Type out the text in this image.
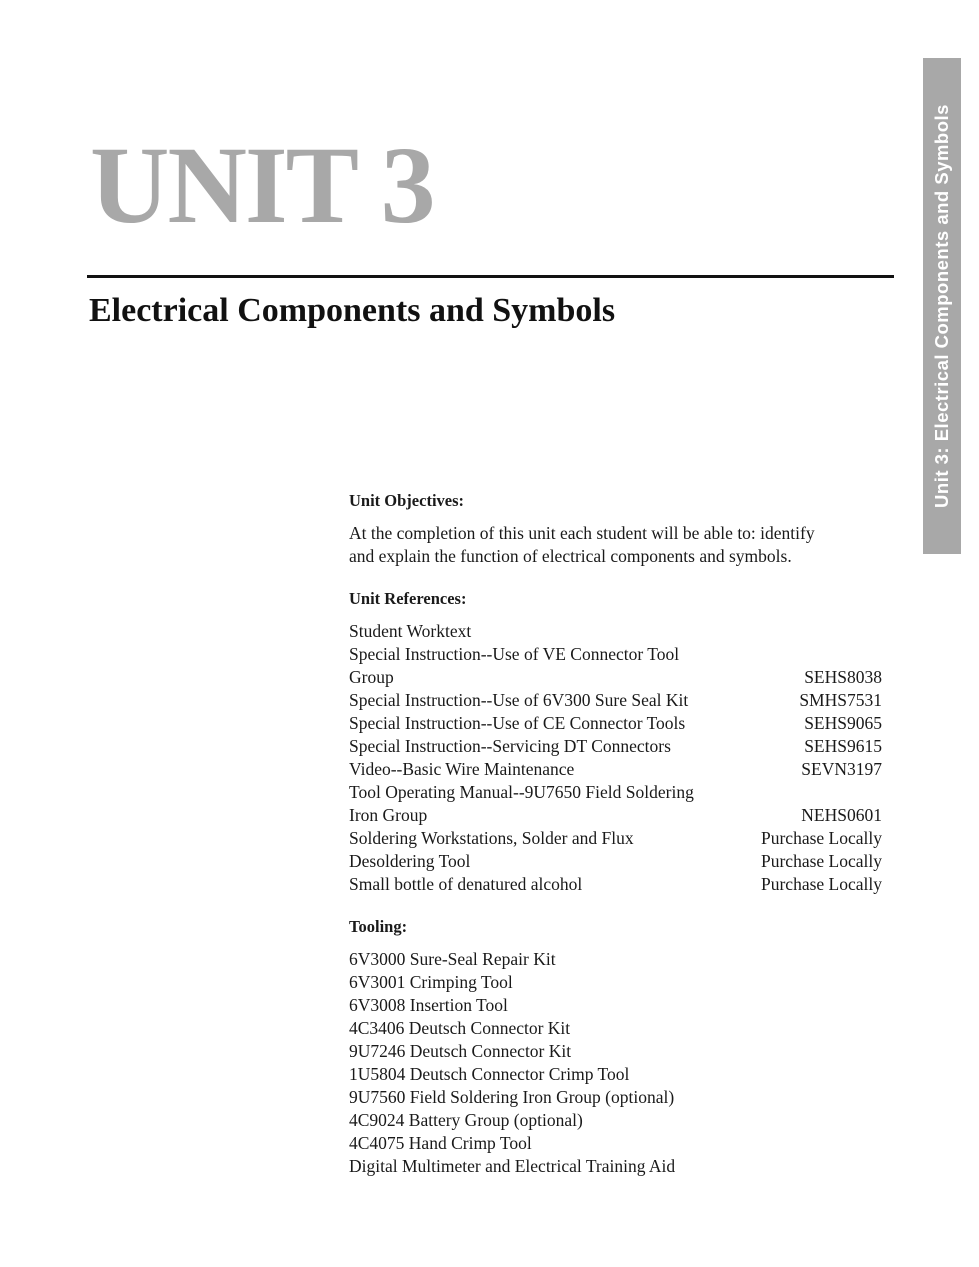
UNIT 3
Electrical Components and Symbols	Unit 3: Electrical Components and Symbols
Unit Objectives:
At the completion of this unit each student will be able to: identify
and explain the function of electrical components and symbols.
Unit References:
Student Worktext
Special Instruction--Use of VE Connector Tool
Group	SEHS8038
Special Instruction--Use of 6V300 Sure Seal Kit	SMHS7531
Special Instruction--Use of CE Connector Tools	SEHS9065
Special Instruction--Servicing DT Connectors	SEHS9615
Video--Basic Wire Maintenance	SEVN3197
Tool Operating Manual--9U7650 Field Soldering
Iron Group	NEHS0601
Soldering Workstations, Solder and Flux	Purchase Locally
Desoldering Tool	Purchase Locally
Small bottle of denatured alcohol	Purchase Locally
Tooling:
6V3000 Sure-Seal Repair Kit
6V3001 Crimping Tool
6V3008 Insertion Tool
4C3406 Deutsch Connector Kit
9U7246 Deutsch Connector Kit
1U5804 Deutsch Connector Crimp Tool
9U7560 Field Soldering Iron Group (optional)
4C9024 Battery Group (optional)
4C4075 Hand Crimp Tool
Digital Multimeter and Electrical Training Aid
